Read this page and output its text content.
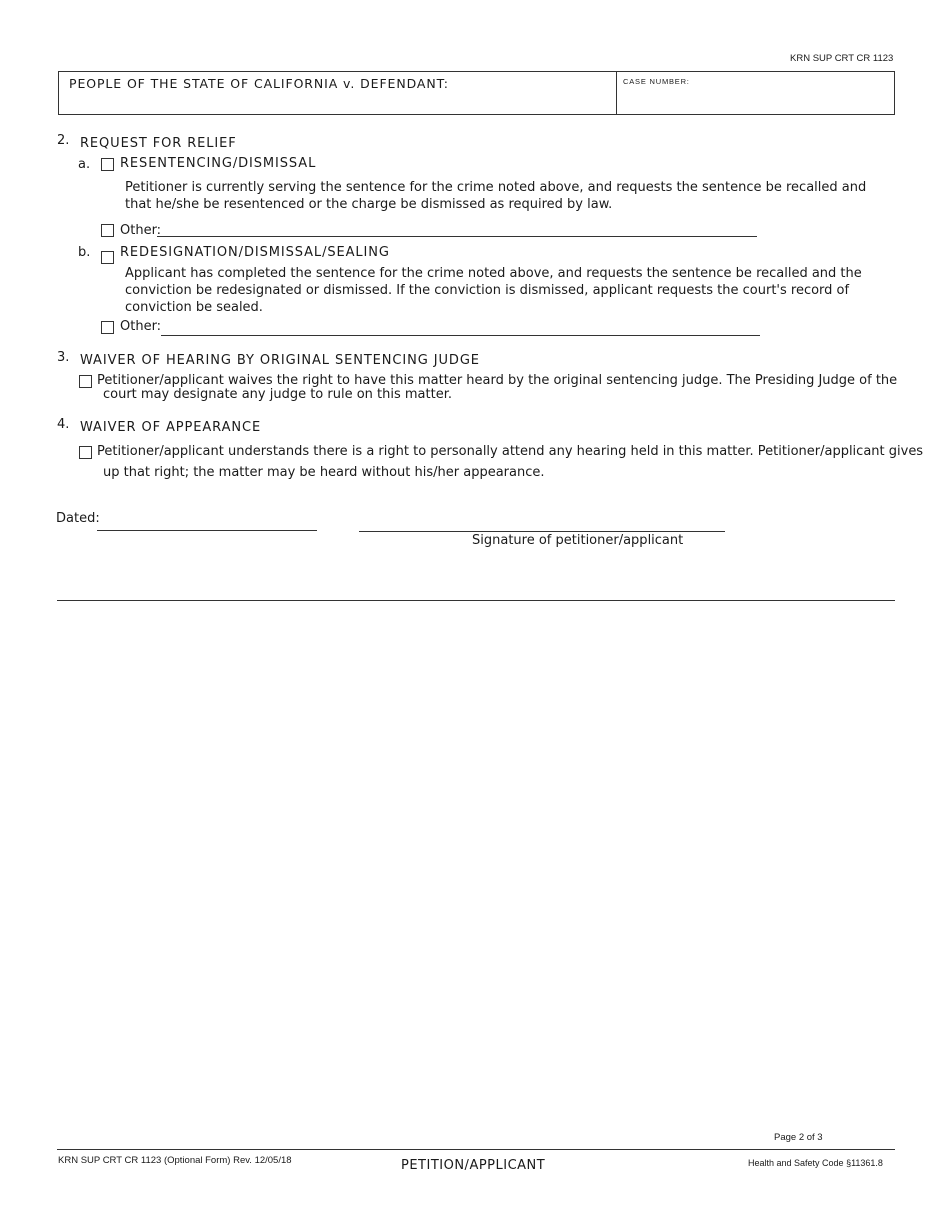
KRN SUP CRT CR 1123
PEOPLE OF THE STATE OF CALIFORNIA v. DEFENDANT:	CASE NUMBER:
2. REQUEST FOR RELIEF
a. RESENTENCING/DISMISSAL
Petitioner is currently serving the sentence for the crime noted above, and requests the sentence be recalled and that he/she be resentenced or the charge be dismissed as required by law.
Other:
b. REDESIGNATION/DISMISSAL/SEALING
Applicant has completed the sentence for the crime noted above, and requests the sentence be recalled and the conviction be redesignated or dismissed. If the conviction is dismissed, applicant requests the court's record of conviction be sealed.
Other:
3. WAIVER OF HEARING BY ORIGINAL SENTENCING JUDGE
Petitioner/applicant waives the right to have this matter heard by the original sentencing judge. The Presiding Judge of the
court may designate any judge to rule on this matter.
4. WAIVER OF APPEARANCE
Petitioner/applicant understands there is a right to personally attend any hearing held in this matter. Petitioner/applicant gives
up that right; the matter may be heard without his/her appearance.
Dated:
Signature of petitioner/applicant
Page 2 of 3
KRN SUP CRT CR 1123 (Optional Form) Rev. 12/05/18	PETITION/APPLICANT	Health and Safety Code §11361.8
